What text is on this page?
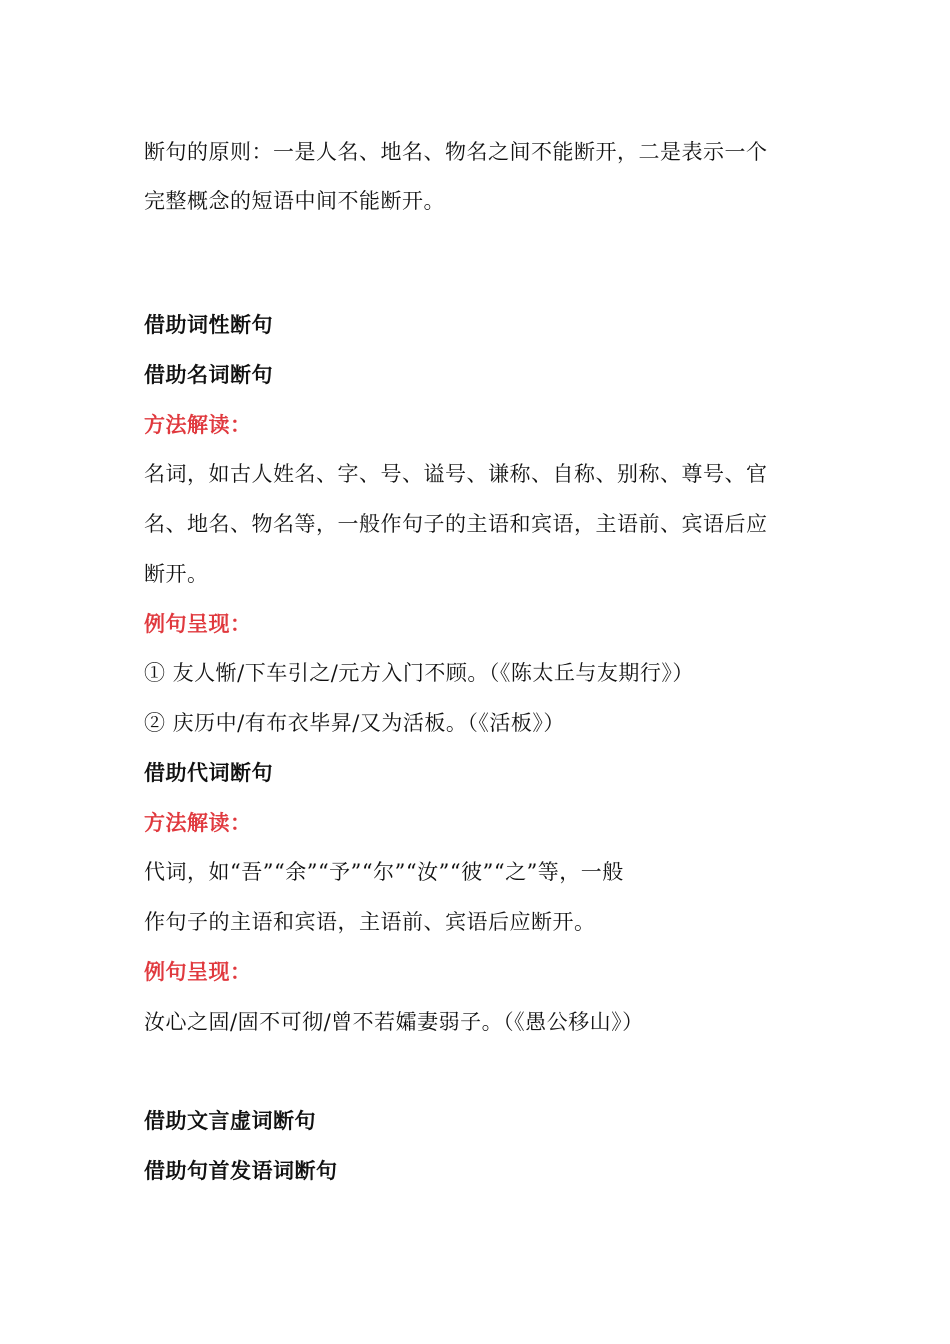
断句的原则：一是人名、地名、物名之间不能断开，二是表示一个
完整概念的短语中间不能断开。
借助词性断句
借助名词断句
方法解读：
名词，如古人姓名、字、号、谥号、谦称、自称、别称、尊号、官
名、地名、物名等，一般作句子的主语和宾语，主语前、宾语后应
断开。
例句呈现：
① 友人惭/下车引之/元方入门不顾。（《陈太丘与友期行》）
② 庆历中/有布衣毕昇/又为活板。（《活板》）
借助代词断句
方法解读：
代词，如“吾”“余”“予”“尔”“汝”“彼”“之”等，一般
作句子的主语和宾语，主语前、宾语后应断开。
例句呈现：
汝心之固/固不可彻/曾不若孀妻弱子。（《愚公移山》）
借助文言虚词断句
借助句首发语词断句
